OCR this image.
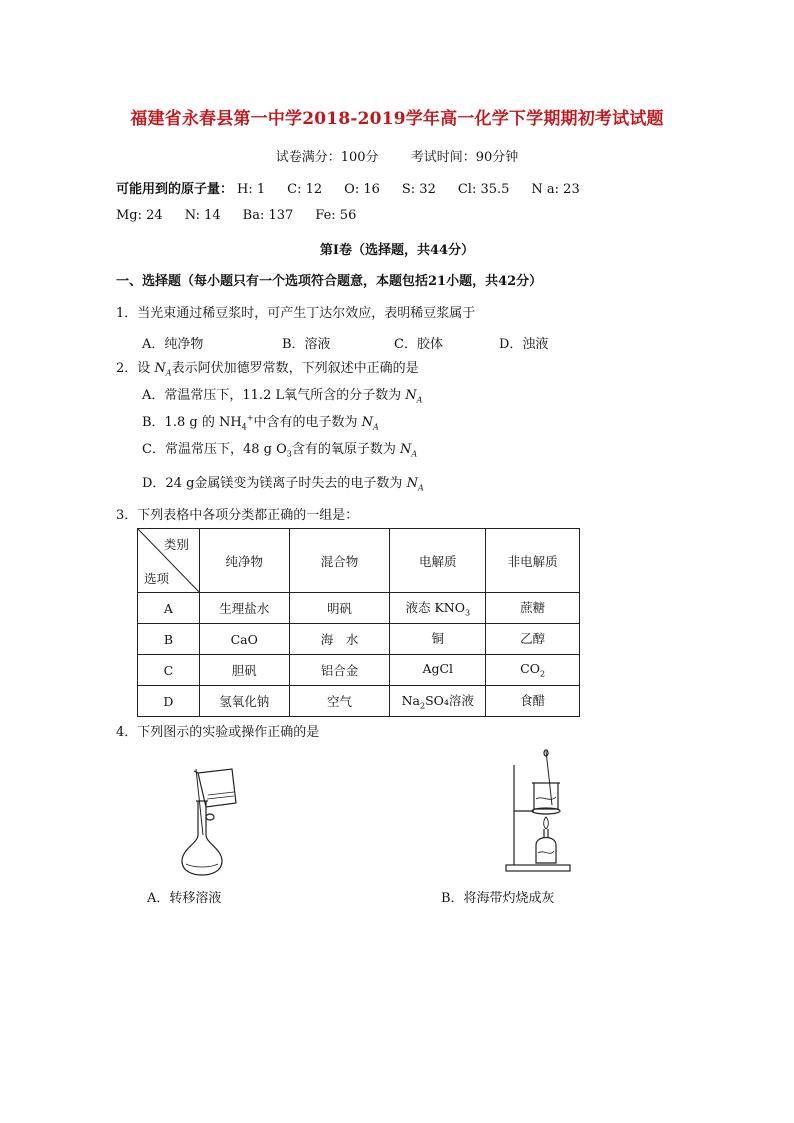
福建省永春县第一中学2018-2019学年高一化学下学期期初考试试题
试卷满分：100分 考试时间：90分钟
可能用到的原子量： H: 1 C: 12 O: 16 S: 32 Cl: 35.5 N a: 23
Mg: 24 N: 14 Ba: 137 Fe: 56
第Ⅰ卷（选择题，共44分）
一、选择题（每小题只有一个选项符合题意，本题包括21小题，共42分）
1．当光束通过稀豆浆时，可产生丁达尔效应，表明稀豆浆属于
A．纯净物	B．溶液	C．胶体	D．浊液
2．设 $N_A$表示阿伏加德罗常数，下列叙述中正确的是
A．常温常压下，11.2 L氧气所含的分子数为 $N_A$
B．1.8 g 的 $NH_4^+$中含有的电子数为 $N_A$
C．常温常压下，48 g $O_3$含有的氧原子数为 $N_A$
D．24 g金属镁变为镁离子时失去的电子数为 $N_A$
3．下列表格中各项分类都正确的一组是：
类别
选项	纯净物	混合物	电解质	非电解质
A	生理盐水	明矾	液态 $KNO_3$	蔗糖
B	CaO	海　水	铜	乙醇
C	胆矾	铝合金	AgCl	$CO_2$
D	氢氧化钠	空气	$Na_2SO_4$溶液	食醋
4．下列图示的实验或操作正确的是
A．转移溶液	B．将海带灼烧成灰
